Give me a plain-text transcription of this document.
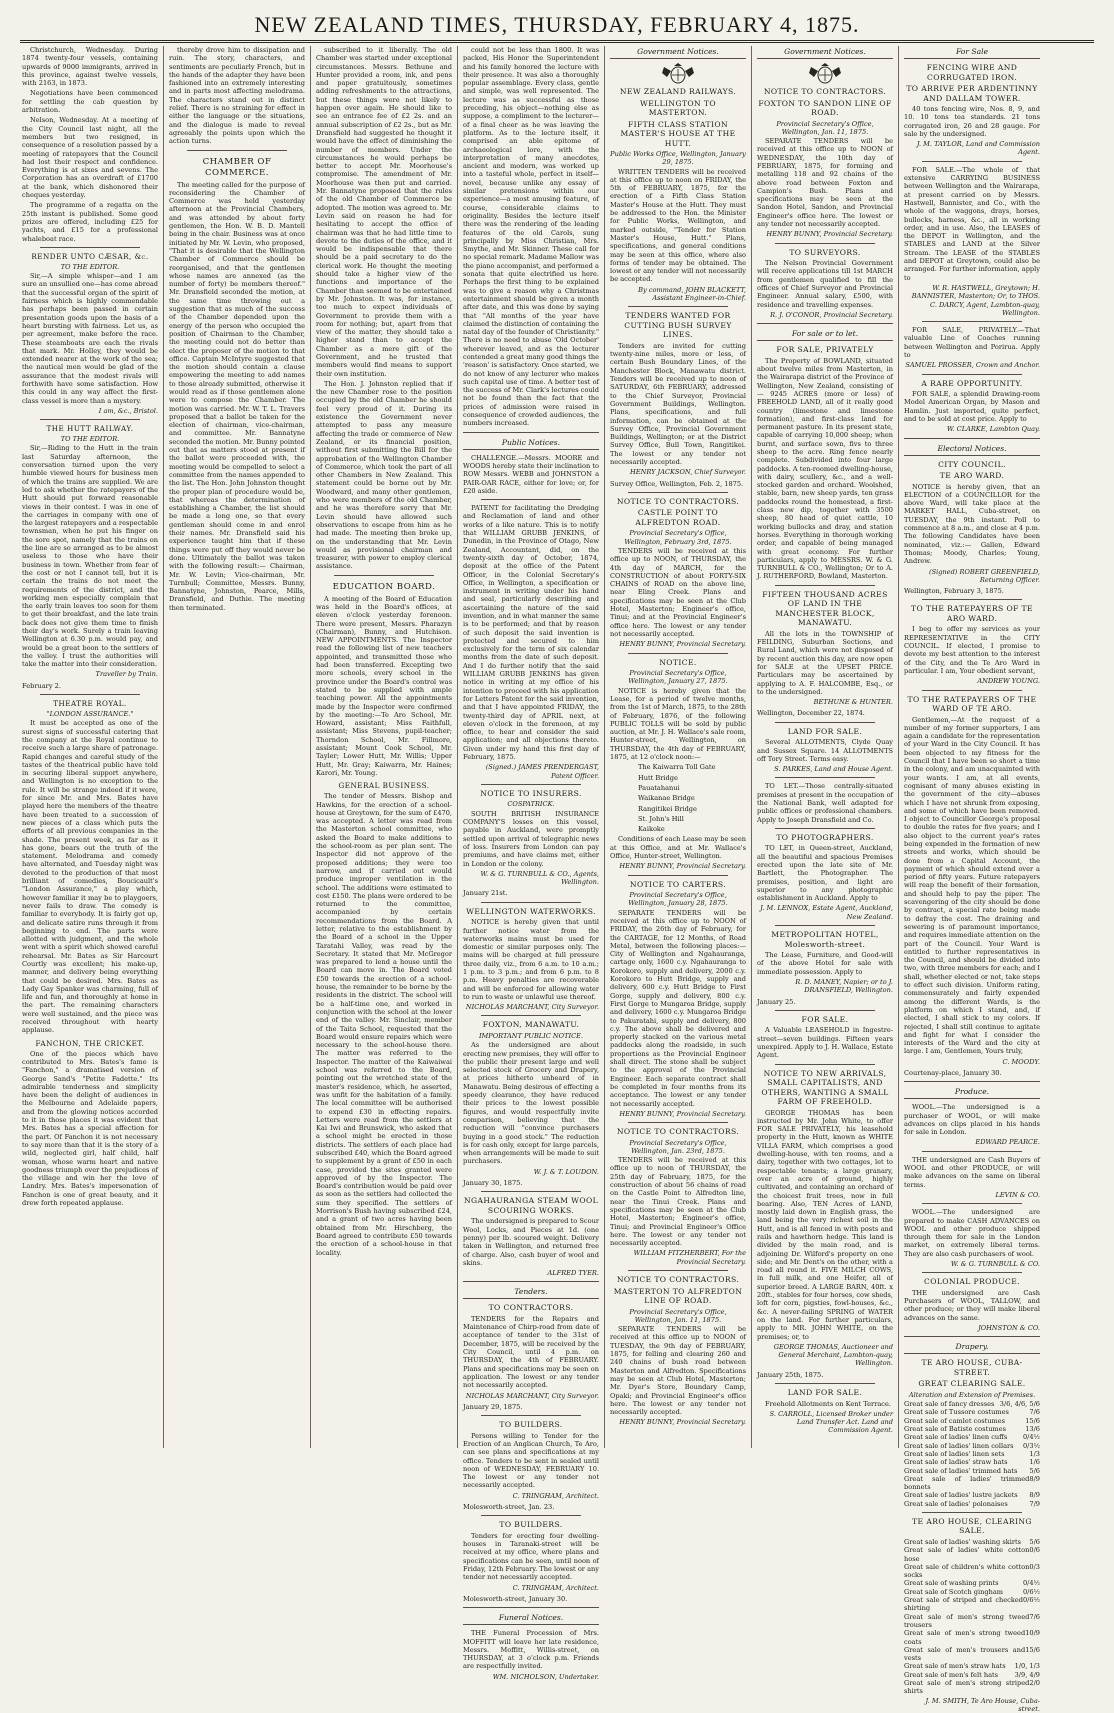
NEW ZEALAND TIMES, THURSDAY, FEBRUARY 4, 1875.

Christchurch, Wednesday. During 1874 twenty-four vessels, containing upwards of 9000 immigrants, arrived in this province, against twelve vessels, with 2163, in 1873.

Negotiations have been commenced for settling the cab question by arbitration.

Nelson, Wednesday. At a meeting of the City Council last night, all the members but two resigned, in consequence of a resolution passed by a meeting of ratepayers that the Council had lost their respect and confidence. Everything is at sixes and sevens. The Corporation has an overdraft of £1700 at the bank, which dishonored their cheques yesterday.

The programme of a regatta on the 25th instant is published. Some good prizes are offered, including £25 for yachts, and £15 for a professional whaleboat race.

RENDER UNTO CÆSAR, &c.
TO THE EDITOR.

Sir,—A simple whisper—and I am sure an unsullied one—has come abroad that the successful organ of the spirit of fairness which is highly commendable has perhaps been passed in certain presentation goods upon the basis of a heart bursting with fairness. Let us, as per agreement, make before the race. These steamboats are each the rivals that mark. Mr. Holley, they would be extended nearer at the work of the sea; the nautical men would be glad of the assurance that the modest rivals will forthwith have some satisfaction. How this could in any way affect the first-class vessel is more than a mystery.

I am, &c., Bristol.
THE HUTT RAILWAY.
TO THE EDITOR.

Sir,—Riding to the Hutt in the train last Saturday afternoon, the conversation turned upon the very humble viewed hours for business men of which the trains are supplied. We are led to ask whether the ratepayers of the Hutt should put forward reasonable views in their contest. I was in one of the carriages in company with one of the largest ratepayers and a respectable townsman, when he put his finger on the sore spot, namely that the trains on the line are so arranged as to be almost useless to those who have their business in town. Whether from fear of the cost or not I cannot tell, but it is certain the trains do not meet the requirements of the district, and the working men especially complain that the early train leaves too soon for them to get their breakfast, and the late train back does not give them time to finish their day's work. Surely a train leaving Wellington at 6.30 p.m. would pay, and would be a great boon to the settlers of the valley. I trust the authorities will take the matter into their consideration.

Traveller by Train.
February 2.
THEATRE ROYAL.
"LONDON ASSURANCE."

It must be accepted as one of the surest signs of successful catering that the company at the Royal continue to receive such a large share of patronage. Rapid changes and careful study of the tastes of the theatrical public have told in securing liberal support anywhere, and Wellington is no exception to the rule. It will be strange indeed if it were, for since Mr. and Mrs. Bates have played here the members of the theatre have been treated to a succession of new pieces of a class which puts the efforts of all previous companies in the shade. The present week, as far as it has gone, bears out the truth of the statement. Melodrama and comedy have alternated, and Tuesday night was devoted to the production of that most brilliant of comedies, Boucicault's "London Assurance," a play which, however familiar it may be to playgoers, never fails to draw. The comedy is familiar to everybody. It is fairly got up, and delicate satire runs through it from beginning to end. The parts were allotted with judgment, and the whole went with a spirit which showed careful rehearsal. Mr. Bates as Sir Harcourt Courtly was excellent; his make-up, manner, and delivery being everything that could be desired. Mrs. Bates as Lady Gay Spanker was charming, full of life and fun, and thoroughly at home in the part. The remaining characters were well sustained, and the piece was received throughout with hearty applause.

FANCHON, THE CRICKET.

One of the pieces which have contributed to Mrs. Bates's fame is "Fanchon," a dramatised version of George Sand's "Petite Fadette." Its admirable tenderness and simplicity have been the delight of audiences in the Melbourne and Adelaide papers, and from the glowing notices accorded to it in those places it was evident that Mrs. Bates has a special affection for the part. Of Fanchon it is not necessary to say more than that it is the story of a wild, neglected girl, half child, half woman, whose warm heart and native goodness triumph over the prejudices of the village and win her the love of Landry. Mrs. Bates's impersonation of Fanchon is one of great beauty, and it drew forth repeated applause.

thereby drove him to dissipation and ruin. The story, characters, and sentiments are peculiarly French, but in the hands of the adapter they have been fashioned into an extremely interesting and in parts most affecting melodrama. The characters stand out in distinct relief. There is no straining for effect in either the language or the situations, and the dialogue is made to reveal agreeably the points upon which the action turns.

CHAMBER OF COMMERCE.

The meeting called for the purpose of reconsidering the Chamber of Commerce was held yesterday afternoon at the Provincial Chambers, and was attended by about forty gentlemen, the Hon. W. B. D. Mantell being in the chair. Business was at once initiated by Mr. W. Levin, who proposed, "That it is desirable that the Wellington Chamber of Commerce should be reorganised, and that the gentlemen whose names are annexed (as the number of forty) be members thereof." Mr. Dransfield seconded the motion, at the same time throwing out a suggestion that as much of the success of the Chamber depended upon the energy of the person who occupied the position of Chairman to the Chamber, the meeting could not do better than elect the proposer of the motion to that office. Captain McIntyre suggested that the motion should contain a clause empowering the meeting to add names to those already submitted, otherwise it would read as if those gentlemen alone were to compose the Chamber. The motion was carried. Mr. W. T. L. Travers proposed that a ballot be taken for the election of chairman, vice-chairman, and committee. Mr. Bannatyne seconded the motion. Mr. Bunny pointed out that as matters stood at present if the ballot were proceeded with, the meeting would be compelled to select a committee from the names appended to the list. The Hon. John Johnston thought the proper plan of procedure would be, that whereas the determination of establishing a Chamber, the list should be made a long one, so that every gentleman should come in and enrol their names. Mr. Dransfield said his experience taught him that if these things were put off they would never be done. Ultimately the ballot was taken with the following result:— Chairman, Mr. W. Levin; Vice-chairman, Mr. Turnbull; Committee, Messrs. Bunny, Bannatyne, Johnston, Pearce, Mills, Dransfield, and Duthie. The meeting then terminated.

subscribed to it liberally. The old Chamber was started under exceptional circumstances. Messrs. Bethune and Hunter provided a room, ink, and pens and paper gratuitously, sometimes adding refreshments to the attractions, but these things were not likely to happen over again. He should like to see an entrance fee of £2 2s. and an annual subscription of £2 2s., but as Mr. Dransfield had suggested he thought it would have the effect of diminishing the number of members. Under the circumstances he would perhaps be better to accept Mr. Moorhouse's compromise. The amendment of Mr. Moorhouse was then put and carried. Mr. Bannatyne proposed that the rules of the old Chamber of Commerce be adopted. The motion was agreed to. Mr. Levin said on reason he had for hesitating to accept the office of chairman was that he had little time to devote to the duties of the office, and it would be indispensable that there should be a paid secretary to do the clerical work. He thought the meeting should take a higher view of the functions and importance of the Chamber than seemed to be entertained by Mr. Johnston. It was, for instance, too much to expect individuals of Government to provide them with a room for nothing; but, apart from that view of the matter, they should take a higher stand than to accept the Chamber as a mere gift of the Government, and he trusted that members would find means to support their own institution.

The Hon. J. Johnston replied that if the new Chamber rose to the position occupied by the old Chamber he should feel very proud of it. During its existence the Government never attempted to pass any measure affecting the trade or commerce of New Zealand, or its financial position, without first submitting the Bill for the approbation of the Wellington Chamber of Commerce, which took the part of all other Chambers in New Zealand. This statement could be borne out by Mr. Woodward, and many other gentlemen, who were members of the old Chamber, and he was therefore sorry that Mr. Levin should have allowed such observations to escape from him as he had made. The meeting then broke up, on the understanding that Mr. Levin would as provisional chairman and treasurer, with power to employ clerical assistance.

EDUCATION BOARD.

A meeting of the Board of Education was held in the Board's offices, at eleven o'clock yesterday forenoon. There were present, Messrs. Pharazyn (Chairman), Bunny, and Hutchison. NEW APPOINTMENTS. The Inspector read the following list of new teachers appointed, and transmitted those who had been transferred. Excepting two more schools, every school in the province under the Board's control was stated to be supplied with ample teaching power. All the appointments made by the Inspector were confirmed by the meeting:—Te Aro School, Mr. Howard, assistant; Miss Faithfull, assistant; Miss Stevens, pupil-teacher; Thorndon School, Mr. Fillmore, assistant; Mount Cook School, Mr. Tayler; Lower Hutt, Mr. Willis; Upper Hutt, Mr. Gray; Kaiwarra, Mr. Haines; Karori, Mr. Young.

GENERAL BUSINESS.

The tender of Messrs. Bishop and Hawkins, for the erection of a school-house at Greytown, for the sum of £470, was accepted. A letter was read from the Masterton school committee, who asked the Board to make additions to the school-room as per plan sent. The Inspector did not approve of the proposed additions; they were too narrow, and if carried out would produce improper ventilation in the school. The additions were estimated to cost £150. The plans were ordered to be returned to the committee, accompanied by certain recommendations from the Board. A letter, relative to the establishment by the Board of a school in the Upper Taratahi Valley, was read by the Secretary. It stated that Mr. McGregor was prepared to lend a house until the Board can move in. The Board voted £50 towards the erection of a school-house, the remainder to be borne by the residents in the district. The school will be a half-time one, and worked in conjunction with the school at the lower end of the valley. Mr. Sinclair, member of the Taita School, requested that the Board would ensure repairs which were necessary to the school-house there. The matter was referred to the Inspector. The matter of the Kaiwaiwai school was referred to the Board, pointing out the wretched state of the master's residence, which, he asserted, was unfit for the habitation of a family. The local committee will be authorised to expend £30 in effecting repairs. Letters were read from the settlers at Kai Iwi and Brunswick, who asked that a school might be erected in those districts. The settlers of each place had subscribed £40, which the Board agreed to supplement by a grant of £50 in each case, provided the sites granted were approved of by the Inspector. The Board's contribution would be paid over as soon as the settlers had collected the sum they specified. The settlers of Morrison's Bush having subscribed £24, and a grant of two acres having been obtained from Mr. Hirschberg, the Board agreed to contribute £50 towards the erection of a school-house in that locality.

could not be less than 1800. It was packed, His Honor the Superintendent and his family honored the lecture with their presence. It was also a thoroughly popular assemblage. Every class, gentle and simple, was well represented. The lecture was as successful as those preceding, his object—nothing else as suppose, a compliment to the lecturer—of a final cheer as he was leaving the platform. As to the lecture itself, it comprised an able epitome of archaeological lore, with the interpretation of many anecdotes, ancient and modern, was worked up into a tasteful whole, perfect in itself—novel, because unlike any essay of similar pretensions within our experience—a most amusing feature, of course, considerable claims to originality. Besides the lecture itself there was the rendering of the leading features of the old Carols, sung principally by Miss Christian, Mrs. Smythe, and Mr. Skinner. These call for no special remark. Madame Mallow was the piano accompanist, and performed a sonata that quite electrified us here. Perhaps the first thing to be explained was to give a reason why a Christmas entertainment should be given a month after date, and this was done by saying that "All months of the year have claimed the distinction of containing the natal day of the founder of Christianity." There is no need to abuse 'Old October' wherever leaved, and as the lecturer contended a great many good things the 'reason' is satisfactory. Once started, we do not know of any lecturer who makes such capital use of time. A better test of the success of Mr. Clark's lectures could not be found than the fact that the prices of admission were raised in consequence of crowded audiences, the numbers increased.

Public Notices.

CHALLENGE.—Messrs. MOORE and WOODS hereby state their inclination to ROW Messrs. WEBB and JOHNSTON a PAIR-OAR RACE, either for love; or, for £20 aside.

PATENT for facilitating the Dredging and Reclamation of land and other works of a like nature. This is to notify that WILLIAM GRUBB JENKINS, of Dunedin, in the Province of Otago, New Zealand, Accountant, did, on the twenty-sixth day of October, 1874, deposit at the office of the Patent Officer, in the Colonial Secretary's Office, in Wellington, a specification or instrument in writing under his hand and seal, particularly describing and ascertaining the nature of the said invention, and in what manner the same is to be performed; and that by reason of such deposit the said invention is protected and secured to him exclusively for the term of six calendar months from the date of such deposit. And I do further notify that the said WILLIAM GRUBB JENKINS has given notice in writing at my office of his intention to proceed with his application for Letters Patent for the said invention, and that I have appointed FRIDAY, the twenty-third day of APRIL next, at eleven o'clock in the forenoon, at my office, to hear and consider the said application; and all objections thereto. Given under my hand this first day of February, 1875.

(Signed.) JAMES PRENDERGAST, Patent Officer.
NOTICE TO INSURERS.
COSPATRICK.

SOUTH BRITISH INSURANCE COMPANY'S losses on this vessel, payable in Auckland, were promptly settled upon arrival of telegraphic news of loss. Insurers from London can pay premiums, and have claims met, either in London or the colony.

W. & G. TURNBULL & CO., Agents, Wellington.
January 21st.
WELLINGTON WATERWORKS.

NOTICE is hereby given that until further notice water from the waterworks mains must be used for domestic or similar purposes only. The mains will be charged at full pressure three daily, viz., from 6 a.m. to 10 a.m.; 1 p.m. to 3 p.m.; and from 6 p.m. to 8 p.m. Heavy penalties are recoverable and will be enforced for allowing water to run to waste or unlawful use thereof.

NICHOLAS MARCHANT, City Surveyor.
FOXTON, MANAWATU.
IMPORTANT PUBLIC NOTICE.

As the undersigned are about erecting new premises, they will offer to the public their present large and well selected stock of Grocery and Drapery, at prices hitherto unheard of in Manawatu. Being desirous of effecting a speedy clearance, they have reduced their prices to the lowest possible figures, and would respectfully invite comparison, believing that the reduction will "convince purchasers buying in a good stock." The reduction is for cash only, except for large parcels, when arrangements will be made to suit purchasers.

W. J. & T. LOUDON.
January 30, 1875.
NGAHAURANGA STEAM WOOL SCOURING WORKS.

The undersigned is prepared to Scour Wool, Locks, and Pieces at 1d. (one penny) per lb. scoured weight. Delivery taken in Wellington, and returned free of charge. Also, cash buyer of wool and skins.

ALFRED TYER.
Tenders.
TO CONTRACTORS.

TENDERS for the Repairs and Maintenance of Chirp-road from date of acceptance of tender to the 31st of December, 1875, will be received by the City Council, until 4 p.m. on THURSDAY, the 4th of FEBRUARY. Plans and specifications may be seen on application. The lowest or any tender not necessarily accepted.

NICHOLAS MARCHANT, City Surveyor.
January 29, 1875.
TO BUILDERS.

Persons willing to Tender for the Erection of an Anglican Church, Te Aro, can see plans and specifications at my office. Tenders to be sent in sealed until noon of WEDNESDAY, FEBRUARY 10. The lowest or any tender not necessarily accepted.

C. TRINGHAM, Architect.
Molesworth-street, Jan. 23.
TO BUILDERS.

Tenders for erecting four dwelling-houses in Taranaki-street will be received at my office, where plans and specifications can be seen, until noon of Friday, 12th February. The lowest or any tender not necessarily accepted.

C. TRINGHAM, Architect.
Molesworth-street, January 30.
Funeral Notices.

THE Funeral Procession of Mrs. MOFFITT will leave her late residence, Messrs. Moffitt, Willis-street, on THURSDAY, at 3 o'clock p.m. Friends are respectfully invited.

WM. NICHOLSON, Undertaker.
Government Notices.
NEW ZEALAND RAILWAYS.
WELLINGTON TO MASTERTON.
FIFTH CLASS STATION MASTER'S HOUSE AT THE HUTT.
Public Works Office, Wellington, January 29, 1875.

WRITTEN TENDERS will be received at this office up to noon on FRIDAY, the 5th of FEBRUARY, 1875, for the erection of a Fifth Class Station Master's House at the Hutt. They must be addressed to the Hon. the Minister for Public Works, Wellington, and marked outside, "Tender for Station Master's House, Hutt." Plans, specifications, and general conditions may be seen at this office, where also forms of tender may be obtained. The lowest or any tender will not necessarily be accepted.

By command, JOHN BLACKETT, Assistant Engineer-in-Chief.
TENDERS WANTED FOR CUTTING BUSH SURVEY LINES.

Tenders are invited for cutting twenty-nine miles, more or less, of certain Bush Boundary Lines, of the Manchester Block, Manawatu district. Tenders will be received up to noon of SATURDAY, 6th FEBRUARY, addressed to the Chief Surveyor, Provincial Government Buildings, Wellington. Plans, specifications, and full information, can be obtained at the Survey Office, Provincial Government Buildings, Wellington; or at the District Survey Office, Bull Town, Rangitikei. The lowest or any tender not necessarily accepted.

HENRY JACKSON, Chief Surveyor.
Survey Office, Wellington, Feb. 2, 1875.
NOTICE TO CONTRACTORS.
CASTLE POINT TO ALFREDTON ROAD.
Provincial Secretary's Office, Wellington, February 3rd, 1875.

TENDERS will be received at this office up to NOON, of THURSDAY, the 4th day of MARCH, for the CONSTRUCTION of about FORTY-SIX CHAINS of ROAD on the above line, near Eling Creek. Plans and specifications may be seen at the Club Hotel, Masterton; Engineer's office, Tinui; and at the Provincial Engineer's office here. The lowest or any tender not necessarily accepted.

HENRY BUNNY, Provincial Secretary.
NOTICE.
Provincial Secretary's Office, Wellington, January 27, 1875.

NOTICE is hereby given that the Lease, for a period of twelve months, from the 1st of March, 1875, to the 28th of February, 1876, of the following PUBLIC TOLLS will be sold by public auction, at Mr. J. H. Wallace's sale room, Hunter-street, Wellington, on THURSDAY, the 4th day of FEBRUARY, 1875, at 12 o'clock noon:—

The Kaiwarra Toll Gate

Hutt Bridge

Pauatahanui

Waikanae Bridge

Rangitikei Bridge

St. John's Hill

Kaikoke

Conditions of each Lease may be seen at this Office, and at Mr. Wallace's Office, Hunter-street, Wellington.

HENRY BUNNY, Provincial Secretary.
NOTICE TO CARTERS.
Provincial Secretary's Office, Wellington, January 28, 1875.

SEPARATE TENDERS will be received at this office up to NOON of FRIDAY, the 26th day of February, for the CARTAGE, for 12 Months, of Road Metal, between the following places:— City of Wellington and Ngahauranga, cartage only, 1600 c.y. Ngahauranga to Korokoro, supply and delivery, 2000 c.y. Korokoro to Hutt Bridge, supply and delivery, 600 c.y. Hutt Bridge to First Gorge, supply and delivery, 800 c.y. First Gorge to Mungaroa Bridge, supply and delivery, 1600 c.y. Mungaroa Bridge to Pakuratahi, supply and delivery, 800 c.y. The above shall be delivered and properly stacked on the various metal paddocks along the roadside, in such proportions as the Provincial Engineer shall direct. The stone shall be subject to the approval of the Provincial Engineer. Each separate contract shall be completed in four months from its acceptance. The lowest or any tender not necessarily accepted.

HENRY BUNNY, Provincial Secretary.
NOTICE TO CONTRACTORS.
Provincial Secretary's Office, Wellington, Jan. 23rd, 1875.

TENDERS will be received at this office up to noon of THURSDAY, the 25th day of February, 1875, for the construction of about 56 chains of road on the Castle Point to Alfredton line, near the Tinui Creek. Plans and specifications may be seen at the Club Hotel, Masterton; Engineer's office, Tinui; and Provincial Engineer's Office here. The lowest or any tender not necessarily accepted.

WILLIAM FITZHERBERT, For the Provincial Secretary.
NOTICE TO CONTRACTORS.
MASTERTON TO ALFREDTON LINE OF ROAD.
Provincial Secretary's Office, Wellington, Jan. 11, 1875.

SEPARATE TENDERS will be received at this office up to NOON of TUESDAY, the 9th day of FEBRUARY, 1875, for felling and clearing 260 and 240 chains of bush road between Masterton and Alfredton. Specifications may be seen at Club Hotel, Masterton; Mr. Dyer's Store, Boundary Camp, Opaki; and Provincial Engineer's office here. The lowest or any tender not necessarily accepted.

HENRY BUNNY, Provincial Secretary.
Government Notices.
NOTICE TO CONTRACTORS.
FOXTON TO SANDON LINE OF ROAD.
Provincial Secretary's Office, Wellington, Jan. 11, 1875.

SEPARATE TENDERS will be received at this office up to NOON of WEDNESDAY, the 10th day of FEBRUARY, 1875, for forming and metalling 118 and 92 chains of the above road between Foxton and Campion's Bush. Plans and specifications may be seen at the Sandon Hotel, Sandon, and Provincial Engineer's office here. The lowest or any tender not necessarily accepted.

HENRY BUNNY, Provincial Secretary.
TO SURVEYORS.

The Nelson Provincial Government will receive applications till 1st MARCH from gentlemen qualified to fill the offices of Chief Surveyor and Provincial Engineer. Annual salary, £500, with residence and travelling expenses.

R. J. O'CONOR, Provincial Secretary.
For sale or to let.
FOR SALE, PRIVATELY

The Property of BOWLAND, situated about twelve miles from Masterton, in the Wairarapa district of the Province of Wellington, New Zealand, consisting of— 9245 ACRES (more or less) of FREEHOLD LAND, all of it really good country (limestone and limestone formation), and first-class land for permanent pasture. In its present state, capable of carrying 10,000 sheep; when burnt, and surface sown, fivs to three sheep to the acre. Ring fence nearly complete. Subdivided into four large paddocks. A ten-roomed dwelling-house, with dairy, scullery, &c., and a well-stocked garden and orchard. Woolshed, stable, barn, new sheep yards, ten grass paddocks round the homestead, a first-class new dip, together with 3500 sheep, 80 head of quiet cattle, 10 working bullocks and dray, and station horses. Everything in thorough working order, and capable of being managed with great economy. For further particulars, apply to MESSRS. W. & G. TURNBULL & CO., Wellington; Or to A. J. RUTHERFORD, Bowland, Masterton.

FIFTEEN THOUSAND ACRES OF LAND IN THE MANCHESTER BLOCK, MANAWATU.

All the lots in the TOWNSHIP of FEILDING, Suburban Sections, and Rural Land, which were not disposed of by recent auction this day, are now open for SALE at the UPSET PRICE. Particulars may be ascertained by applying to A. F. HALCOMBE, Esq., or to the undersigned.

BETHUNE & HUNTER.
Wellington, December 22, 1874.
LAND FOR SALE.

Several ALLOTMENTS, Clyde Quay and Sussex Square. 14 ALLOTMENTS off Tory Street. Terms easy.

S. PARKES, Land and House Agent.

TO LET.—Those centrally-situated premises at present in the occupation of the National Bank, well adapted for public offices or professional chambers. Apply to Joseph Dransfield and Co.

TO PHOTOGRAPHERS.

TO LET, in Queen-street, Auckland, all the beautiful and spacious Premises erected upon the late site of Mr. Bartlett, the Photographer. The premises, position, and light are superior to any photographic establishment in Auckland. Apply to

J. M. LENNOX, Estate Agent, Auckland, New Zealand.
METROPOLITAN HOTEL, Molesworth-street.

The Lease, Furniture, and Good-will of the above Hotel for sale with immediate possession. Apply to

R. D. MANEY, Napier; or to J. DRANSFIELD, Wellington.
January 25.
FOR SALE.

A Valuable LEASEHOLD in Ingestre-street—seven buildings. Fifteen years unexpired. Apply to J. H. Wallace, Estate Agent.

NOTICE TO NEW ARRIVALS, SMALL CAPITALISTS, AND OTHERS, WANTING A SMALL FARM OF FREEHOLD.

GEORGE THOMAS has been instructed by Mr. John White, to offer FOR SALE PRIVATELY, his leasehold property in the Hutt, known as WHITE VILLA FARM, which comprises a good dwelling-house, with ten rooms, and a dairy, together with two cottages, let to respectable tenants; a large granary, over an acre of ground, highly cultivated, and containing an orchard of the choicest fruit trees, now in full bearing. Also, TEN Acres of LAND, mostly laid down in English grass, the land being the very richest soil in the Hutt, and is all fenced in with posts and rails and hawthorn hedge. This land is divided by the main road, and is adjoining Dr. Wilford's property on one side; and Mr. Dent's on the other, with a road all round it. FIVE MILCH COWS, in full milk, and one Heifer, all of superior breed. A LARGE BARN, 40ft. x 20ft., stables for four horses, cow sheds, loft for corn, pigsties, fowl-houses, &c., &c. A never-failing SPRING of WATER on the land. For further particulars, apply to MR. JOHN WHITE, on the premises; or, to

GEORGE THOMAS, Auctioneer and General Merchant, Lambton-quay, Wellington.
January 25th, 1875.
LAND FOR SALE.

Freehold Allotments on Kent Terrace.

S. CARROLL, Licensed Broker under Land Transfer Act. Land and Commission Agent.
For Sale
FENCING WIRE AND CORRUGATED IRON.
TO ARRIVE PER ARDENTINNY AND DALLAM TOWER.

40 tons fencing wire, Nos. 8, 9, and 10. 10 tons tea standards. 21 tons corrugated iron, 26 and 28 gauge. For sale by the undersigned.

J. M. TAYLOR, Land and Commission Agent.

FOR SALE.—The whole of that extensive CARRYING BUSINESS between Wellington and the Wairarapa, at present carried on by Messrs. Hastwell, Bannister, and Co., with the whole of the waggons, drays, horses, bullocks, harness, &c., all in working order, and in use. Also, the LEASES of the DEPOT in Wellington, and the STABLES and LAND at the Silver Stream. The LEASE of the STABLES and DEPOT at Greytown, could also be arranged. For further information, apply to

W. R. HASTWELL, Greytown; H. BANNISTER, Masterton; Or, to THOS. C. DARCY, Agent, Lambton-quay, Wellington.

FOR SALE, PRIVATELY.—That valuable Line of Coaches running between Wellington and Porirua. Apply to

SAMUEL PROSSER, Crown and Anchor.
A RARE OPPORTUNITY.

FOR SALE, a splendid Drawing-room Model American Organ, by Mason and Hamlin. Just imported, quite perfect, and to be sold at cost price. Apply to

W. CLARKE, Lambton Quay.
Electoral Notices.
CITY COUNCIL.
TE ARO WARD.

NOTICE is hereby given, that an ELECTION of a COUNCILLOR for the above Ward, will take place at the MARKET HALL, Cuba-street, on TUESDAY, the 9th instant. Poll to commence at 8 a.m., and close at 4 p.m. The following Candidates have been nominated, viz.:— Gallen, Edward Thomas; Moody, Charles; Young, Andrew.

(Signed) ROBERT GREENFIELD, Returning Officer.
Wellington, February 3, 1875.
TO THE RATEPAYERS OF TE ARO WARD.

I beg to offer my services as your REPRESENTATIVE in the CITY COUNCIL. If elected, I promise to devote my best attention to the interest of the City, and the Te Aro Ward in particular. I am, Your obedient servant,

ANDREW YOUNG.
TO THE RATEPAYERS OF THE WARD OF TE ARO.

Gentlemen,—At the request of a number of my former supporters, I am again a candidate for the representation of your Ward in the City Council. It has been objected to my fitness for the Council that I have been so short a time in the colony, and am unacquainted with your wants. I am, at all events, cognisant of many abuses existing in the government of the city—abuses which I have not shrunk from exposing, and some of which have been removed. I object to Councillor George's proposal to double the rates for five years; and I also object to the current year's rates being expended in the formation of new streets and works, which should be done from a Capital Account, the payment of which should extend over a period of fifty years. Future ratepayers will reap the benefit of their formation, and should help to pay the piper. The scavengering of the city should be done by contract, a special rate being made to defray the cost. The draining and sewering is of paramount importance, and requires immediate attention on the part of the Council. Your Ward is entitled to further representatives in the Council, and should be divided into two, with three members for each; and I shall, whether elected or not, take steps to effect such division. Uniform rating, commensurately and fairly expended among the different Wards, is the platform on which I stand, and, if elected, I shall stick to my colors. If rejected, I shall still continue to agitate and fight for what I consider the interests of the Ward and the city at large. I am, Gentlemen, Yours truly,

C. MOODY.
Courtenay-place, January 30.
Produce.

WOOL.—The undersigned is a purchaser of WOOL, or will make advances on clips placed in his hands for sale in London.

EDWARD PEARCE.

THE undersigned are Cash Buyers of WOOL and other PRODUCE, or will make advances on the same on liberal terms.

LEVIN & CO.

WOOL.—The undersigned are prepared to make CASH ADVANCES on WOOL and other produce shipped through them for sale in the London market, on extremely liberal terms. They are also cash purchasers of wool.

W. & G. TURNBULL & CO.
COLONIAL PRODUCE.

THE undersigned are Cash Purchasers of WOOL, TALLOW, and other produce; or they will make liberal advances on the same.

JOHNSTON & CO.
Drapery.
TE ARO HOUSE, CUBA-STREET.
GREAT CLEARING SALE.
Alteration and Extension of Premises.
Great sale of fancy dresses 3/6, 4/6, 5/6
Great sale of Tussore costumes	7/6
Great sale of camlet costumes	15/6
Great sale of Batiste costumes	13/6
Great sale of ladies' linen cuffs 0/4½
Great sale of ladies' linen collars 0/3½
Great sale of ladies' linen sets	1/3
Great sale of ladies' straw hats	1/6
Great sale of ladies' trimmed hats 5/6
Great sale of ladies' trimmed bonnets
8/9
Great sale of ladies' lustre jackets 8/9
Great sale of ladies' polonaises	7/9
TE ARO HOUSE, CLEARING SALE.
Great sale of ladies' washing skirts 5/6
Great sale of ladies' white cotton hose
0/6
Great sale of children's white cotton socks
0/3
Great sale of washing prints	0/4½
Great sale of Scotch gingham	0/6½
Great sale of striped and checked shirting
0/6½
Great sale of men's strong tweed trousers
7/6
Great sale of men's strong tweed coats
10/9
Great sale of men's trousers and vests
15/6
Great sale of men's straw hats 1/0, 1/3
Great sale of men's felt hats	3/9, 4/9
Great sale of men's strong striped shirts
2/0
J. M. SMITH, Te Aro House, Cuba-street.
